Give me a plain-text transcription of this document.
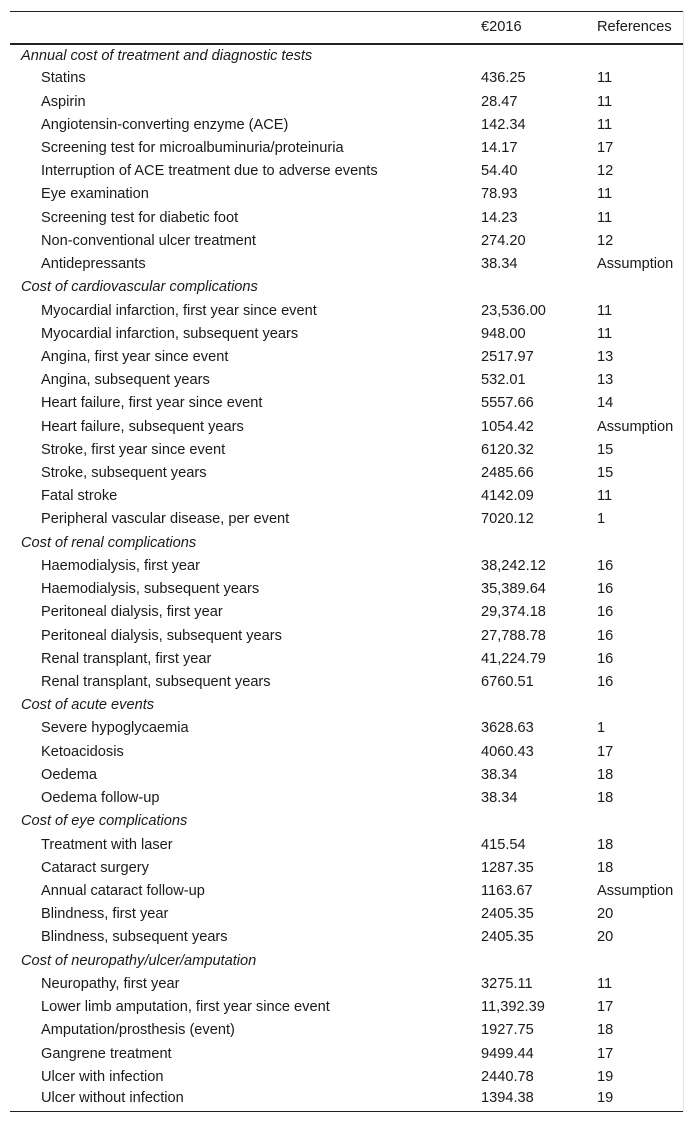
	€2016	References
Annual cost of treatment and diagnostic tests		
Statins	436.25	11
Aspirin	28.47	11
Angiotensin-converting enzyme (ACE)	142.34	11
Screening test for microalbuminuria/proteinuria	14.17	17
Interruption of ACE treatment due to adverse events	54.40	12
Eye examination	78.93	11
Screening test for diabetic foot	14.23	11
Non-conventional ulcer treatment	274.20	12
Antidepressants	38.34	Assumption
Cost of cardiovascular complications		
Myocardial infarction, first year since event	23,536.00	11
Myocardial infarction, subsequent years	948.00	11
Angina, first year since event	2517.97	13
Angina, subsequent years	532.01	13
Heart failure, first year since event	5557.66	14
Heart failure, subsequent years	1054.42	Assumption
Stroke, first year since event	6120.32	15
Stroke, subsequent years	2485.66	15
Fatal stroke	4142.09	11
Peripheral vascular disease, per event	7020.12	1
Cost of renal complications		
Haemodialysis, first year	38,242.12	16
Haemodialysis, subsequent years	35,389.64	16
Peritoneal dialysis, first year	29,374.18	16
Peritoneal dialysis, subsequent years	27,788.78	16
Renal transplant, first year	41,224.79	16
Renal transplant, subsequent years	6760.51	16
Cost of acute events		
Severe hypoglycaemia	3628.63	1
Ketoacidosis	4060.43	17
Oedema	38.34	18
Oedema follow-up	38.34	18
Cost of eye complications		
Treatment with laser	415.54	18
Cataract surgery	1287.35	18
Annual cataract follow-up	1163.67	Assumption
Blindness, first year	2405.35	20
Blindness, subsequent years	2405.35	20
Cost of neuropathy/ulcer/amputation		
Neuropathy, first year	3275.11	11
Lower limb amputation, first year since event	11,392.39	17
Amputation/prosthesis (event)	1927.75	18
Gangrene treatment	9499.44	17
Ulcer with infection	2440.78	19
Ulcer without infection	1394.38	19
